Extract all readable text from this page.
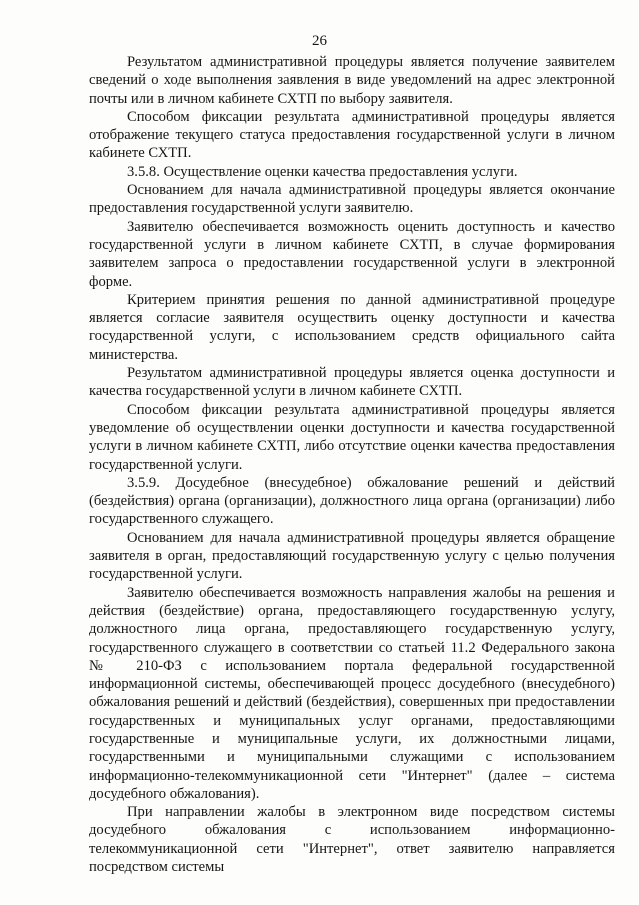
26

Результатом административной процедуры является получение заявителем сведений о ходе выполнения заявления в виде уведомлений на адрес электронной почты или в личном кабинете СХТП по выбору заявителя.

Способом фиксации результата административной процедуры является отображение текущего статуса предоставления государственной услуги в личном кабинете СХТП.

3.5.8. Осуществление оценки качества предоставления услуги.

Основанием для начала административной процедуры является окончание предоставления государственной услуги заявителю.

Заявителю обеспечивается возможность оценить доступность и качество государственной услуги в личном кабинете СХТП, в случае формирования заявителем запроса о предоставлении государственной услуги в электронной форме.

Критерием принятия решения по данной административной процедуре является согласие заявителя осуществить оценку доступности и качества государственной услуги, с использованием средств официального сайта министерства.

Результатом административной процедуры является оценка доступности и качества государственной услуги в личном кабинете СХТП.

Способом фиксации результата административной процедуры является уведомление об осуществлении оценки доступности и качества государственной услуги в личном кабинете СХТП, либо отсутствие оценки качества предоставления государственной услуги.

3.5.9. Досудебное (внесудебное) обжалование решений и действий (бездействия) органа (организации), должностного лица органа (организации) либо государственного служащего.

Основанием для начала административной процедуры является обращение заявителя в орган, предоставляющий государственную услугу с целью получения государственной услуги.

Заявителю обеспечивается возможность направления жалобы на решения и действия (бездействие) органа, предоставляющего государственную услугу, должностного лица органа, предоставляющего государственную услугу, государственного служащего в соответствии со статьей 11.2 Федерального закона № 210-ФЗ с использованием портала федеральной государственной информационной системы, обеспечивающей процесс досудебного (внесудебного) обжалования решений и действий (бездействия), совершенных при предоставлении государственных и муниципальных услуг органами, предоставляющими государственные и муниципальные услуги, их должностными лицами, государственными и муниципальными служащими с использованием информационно-телекоммуникационной сети "Интернет" (далее – система досудебного обжалования).

При направлении жалобы в электронном виде посредством системы досудебного обжалования с использованием информационно-телекоммуникационной сети "Интернет", ответ заявителю направляется посредством системы
